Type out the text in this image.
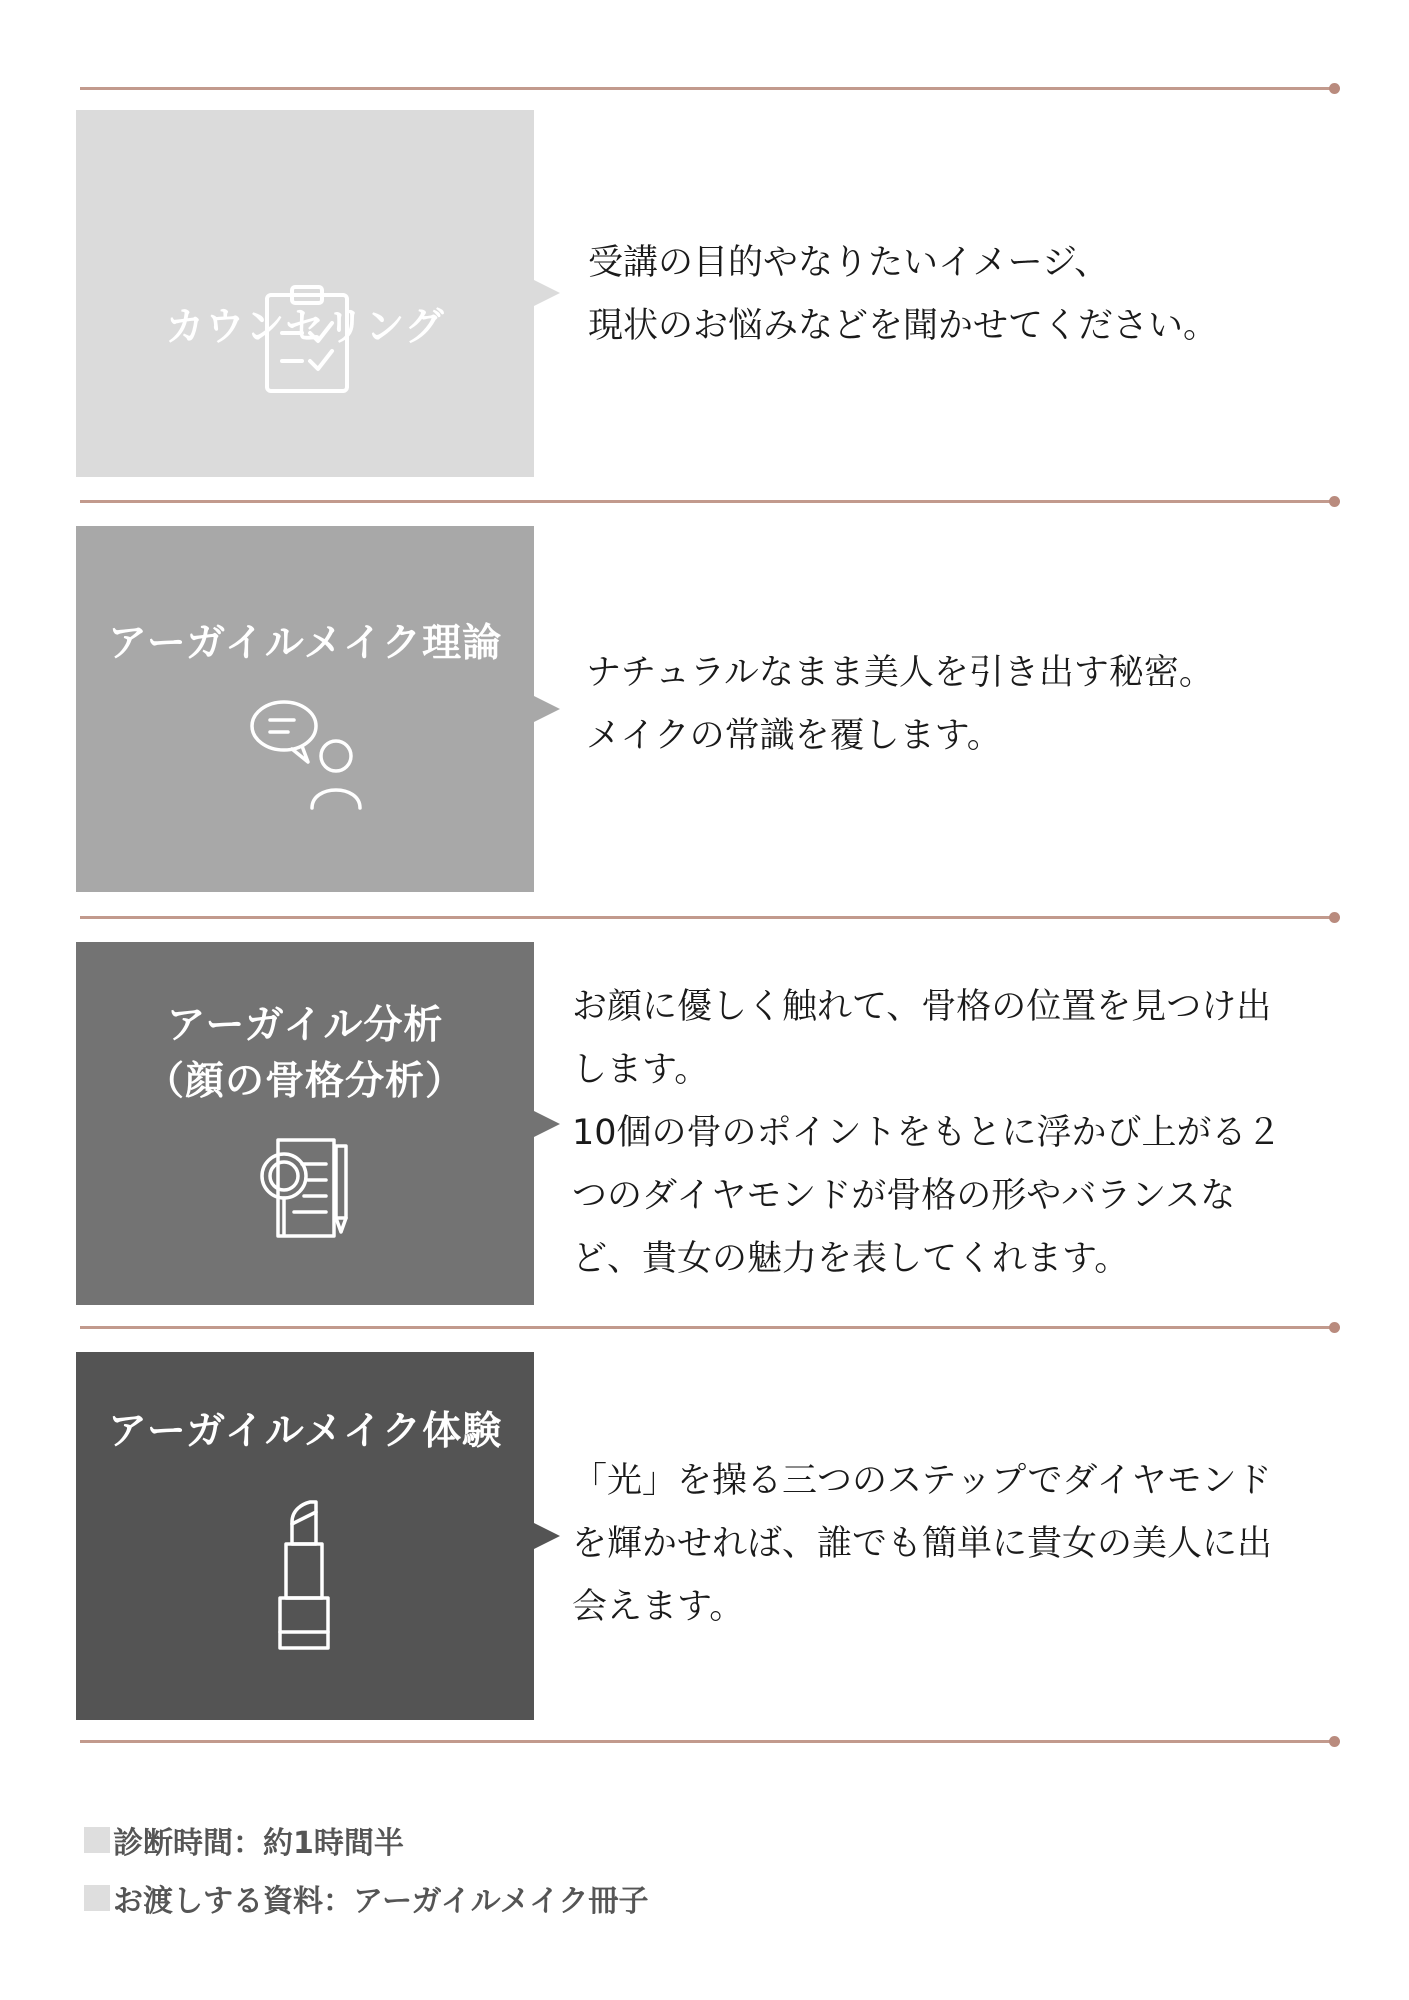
カウンセリング
受講の目的やなりたいイメージ、
現状のお悩みなどを聞かせてください。
アーガイルメイク理論
ナチュラルなまま美人を引き出す秘密。
メイクの常識を覆します。
アーガイル分析
（顔の骨格分析）
お顔に優しく触れて、骨格の位置を見つけ出
します。
10個の骨のポイントをもとに浮かび上がる２
つのダイヤモンドが骨格の形やバランスな
ど、貴女の魅力を表してくれます。
アーガイルメイク体験
「光」を操る三つのステップでダイヤモンド
を輝かせれば、誰でも簡単に貴女の美人に出
会えます。
診断時間：約1時間半
お渡しする資料：アーガイルメイク冊子
